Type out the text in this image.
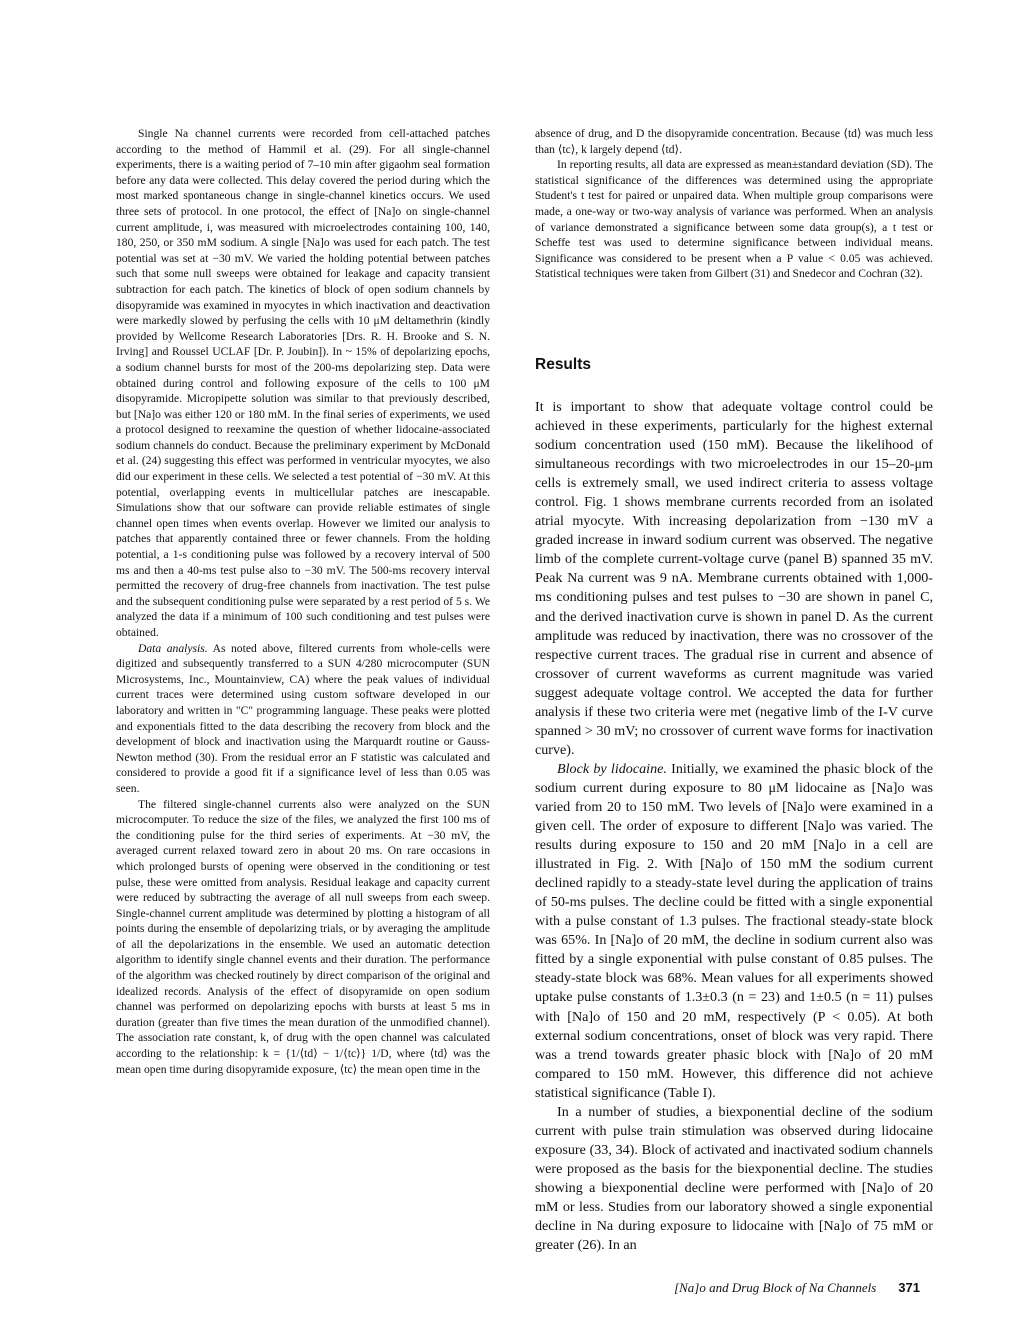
Single Na channel currents were recorded from cell-attached patches according to the method of Hammil et al. (29). For all single-channel experiments, there is a waiting period of 7–10 min after gigaohm seal formation before any data were collected. This delay covered the period during which the most marked spontaneous change in single-channel kinetics occurs. We used three sets of protocol. In one protocol, the effect of [Na]o on single-channel current amplitude, i, was measured with microelectrodes containing 100, 140, 180, 250, or 350 mM sodium. A single [Na]o was used for each patch. The test potential was set at −30 mV. We varied the holding potential between patches such that some null sweeps were obtained for leakage and capacity transient subtraction for each patch. The kinetics of block of open sodium channels by disopyramide was examined in myocytes in which inactivation and deactivation were markedly slowed by perfusing the cells with 10 μM deltamethrin (kindly provided by Wellcome Research Laboratories [Drs. R. H. Brooke and S. N. Irving] and Roussel UCLAF [Dr. P. Joubin]). In ~ 15% of depolarizing epochs, a sodium channel bursts for most of the 200-ms depolarizing step. Data were obtained during control and following exposure of the cells to 100 μM disopyramide. Micropipette solution was similar to that previously described, but [Na]o was either 120 or 180 mM. In the final series of experiments, we used a protocol designed to reexamine the question of whether lidocaine-associated sodium channels do conduct. Because the preliminary experiment by McDonald et al. (24) suggesting this effect was performed in ventricular myocytes, we also did our experiment in these cells. We selected a test potential of −30 mV. At this potential, overlapping events in multicellular patches are inescapable. Simulations show that our software can provide reliable estimates of single channel open times when events overlap. However we limited our analysis to patches that apparently contained three or fewer channels. From the holding potential, a 1-s conditioning pulse was followed by a recovery interval of 500 ms and then a 40-ms test pulse also to −30 mV. The 500-ms recovery interval permitted the recovery of drug-free channels from inactivation. The test pulse and the subsequent conditioning pulse were separated by a rest period of 5 s. We analyzed the data if a minimum of 100 such conditioning and test pulses were obtained.

Data analysis. As noted above, filtered currents from whole-cells were digitized and subsequently transferred to a SUN 4/280 microcomputer (SUN Microsystems, Inc., Mountainview, CA) where the peak values of individual current traces were determined using custom software developed in our laboratory and written in "C" programming language. These peaks were plotted and exponentials fitted to the data describing the recovery from block and the development of block and inactivation using the Marquardt routine or Gauss-Newton method (30). From the residual error an F statistic was calculated and considered to provide a good fit if a significance level of less than 0.05 was seen.

The filtered single-channel currents also were analyzed on the SUN microcomputer. To reduce the size of the files, we analyzed the first 100 ms of the conditioning pulse for the third series of experiments. At −30 mV, the averaged current relaxed toward zero in about 20 ms. On rare occasions in which prolonged bursts of opening were observed in the conditioning or test pulse, these were omitted from analysis. Residual leakage and capacity current were reduced by subtracting the average of all null sweeps from each sweep. Single-channel current amplitude was determined by plotting a histogram of all points during the ensemble of depolarizing trials, or by averaging the amplitude of all the depolarizations in the ensemble. We used an automatic detection algorithm to identify single channel events and their duration. The performance of the algorithm was checked routinely by direct comparison of the original and idealized records. Analysis of the effect of disopyramide on open sodium channel was performed on depolarizing epochs with bursts at least 5 ms in duration (greater than five times the mean duration of the unmodified channel). The association rate constant, k, of drug with the open channel was calculated according to the relationship: k = {1/⟨td⟩ − 1/⟨tc⟩} 1/D, where ⟨td⟩ was the mean open time during disopyramide exposure, ⟨tc⟩ the mean open time in the

absence of drug, and D the disopyramide concentration. Because ⟨td⟩ was much less than ⟨tc⟩, k largely depend ⟨td⟩.

In reporting results, all data are expressed as mean±standard deviation (SD). The statistical significance of the differences was determined using the appropriate Student's t test for paired or unpaired data. When multiple group comparisons were made, a one-way or two-way analysis of variance was performed. When an analysis of variance demonstrated a significance between some data group(s), a t test or Scheffe test was used to determine significance between individual means. Significance was considered to be present when a P value < 0.05 was achieved. Statistical techniques were taken from Gilbert (31) and Snedecor and Cochran (32).

Results

It is important to show that adequate voltage control could be achieved in these experiments, particularly for the highest external sodium concentration used (150 mM). Because the likelihood of simultaneous recordings with two microelectrodes in our 15–20-μm cells is extremely small, we used indirect criteria to assess voltage control. Fig. 1 shows membrane currents recorded from an isolated atrial myocyte. With increasing depolarization from −130 mV a graded increase in inward sodium current was observed. The negative limb of the complete current-voltage curve (panel B) spanned 35 mV. Peak Na current was 9 nA. Membrane currents obtained with 1,000-ms conditioning pulses and test pulses to −30 are shown in panel C, and the derived inactivation curve is shown in panel D. As the current amplitude was reduced by inactivation, there was no crossover of the respective current traces. The gradual rise in current and absence of crossover of current waveforms as current magnitude was varied suggest adequate voltage control. We accepted the data for further analysis if these two criteria were met (negative limb of the I-V curve spanned > 30 mV; no crossover of current wave forms for inactivation curve).

Block by lidocaine. Initially, we examined the phasic block of the sodium current during exposure to 80 μM lidocaine as [Na]o was varied from 20 to 150 mM. Two levels of [Na]o were examined in a given cell. The order of exposure to different [Na]o was varied. The results during exposure to 150 and 20 mM [Na]o in a cell are illustrated in Fig. 2. With [Na]o of 150 mM the sodium current declined rapidly to a steady-state level during the application of trains of 50-ms pulses. The decline could be fitted with a single exponential with a pulse constant of 1.3 pulses. The fractional steady-state block was 65%. In [Na]o of 20 mM, the decline in sodium current also was fitted by a single exponential with pulse constant of 0.85 pulses. The steady-state block was 68%. Mean values for all experiments showed uptake pulse constants of 1.3±0.3 (n = 23) and 1±0.5 (n = 11) pulses with [Na]o of 150 and 20 mM, respectively (P < 0.05). At both external sodium concentrations, onset of block was very rapid. There was a trend towards greater phasic block with [Na]o of 20 mM compared to 150 mM. However, this difference did not achieve statistical significance (Table I).

In a number of studies, a biexponential decline of the sodium current with pulse train stimulation was observed during lidocaine exposure (33, 34). Block of activated and inactivated sodium channels were proposed as the basis for the biexponential decline. The studies showing a biexponential decline were performed with [Na]o of 20 mM or less. Studies from our laboratory showed a single exponential decline in Na during exposure to lidocaine with [Na]o of 75 mM or greater (26). In an

[Na]o and Drug Block of Na Channels 371
